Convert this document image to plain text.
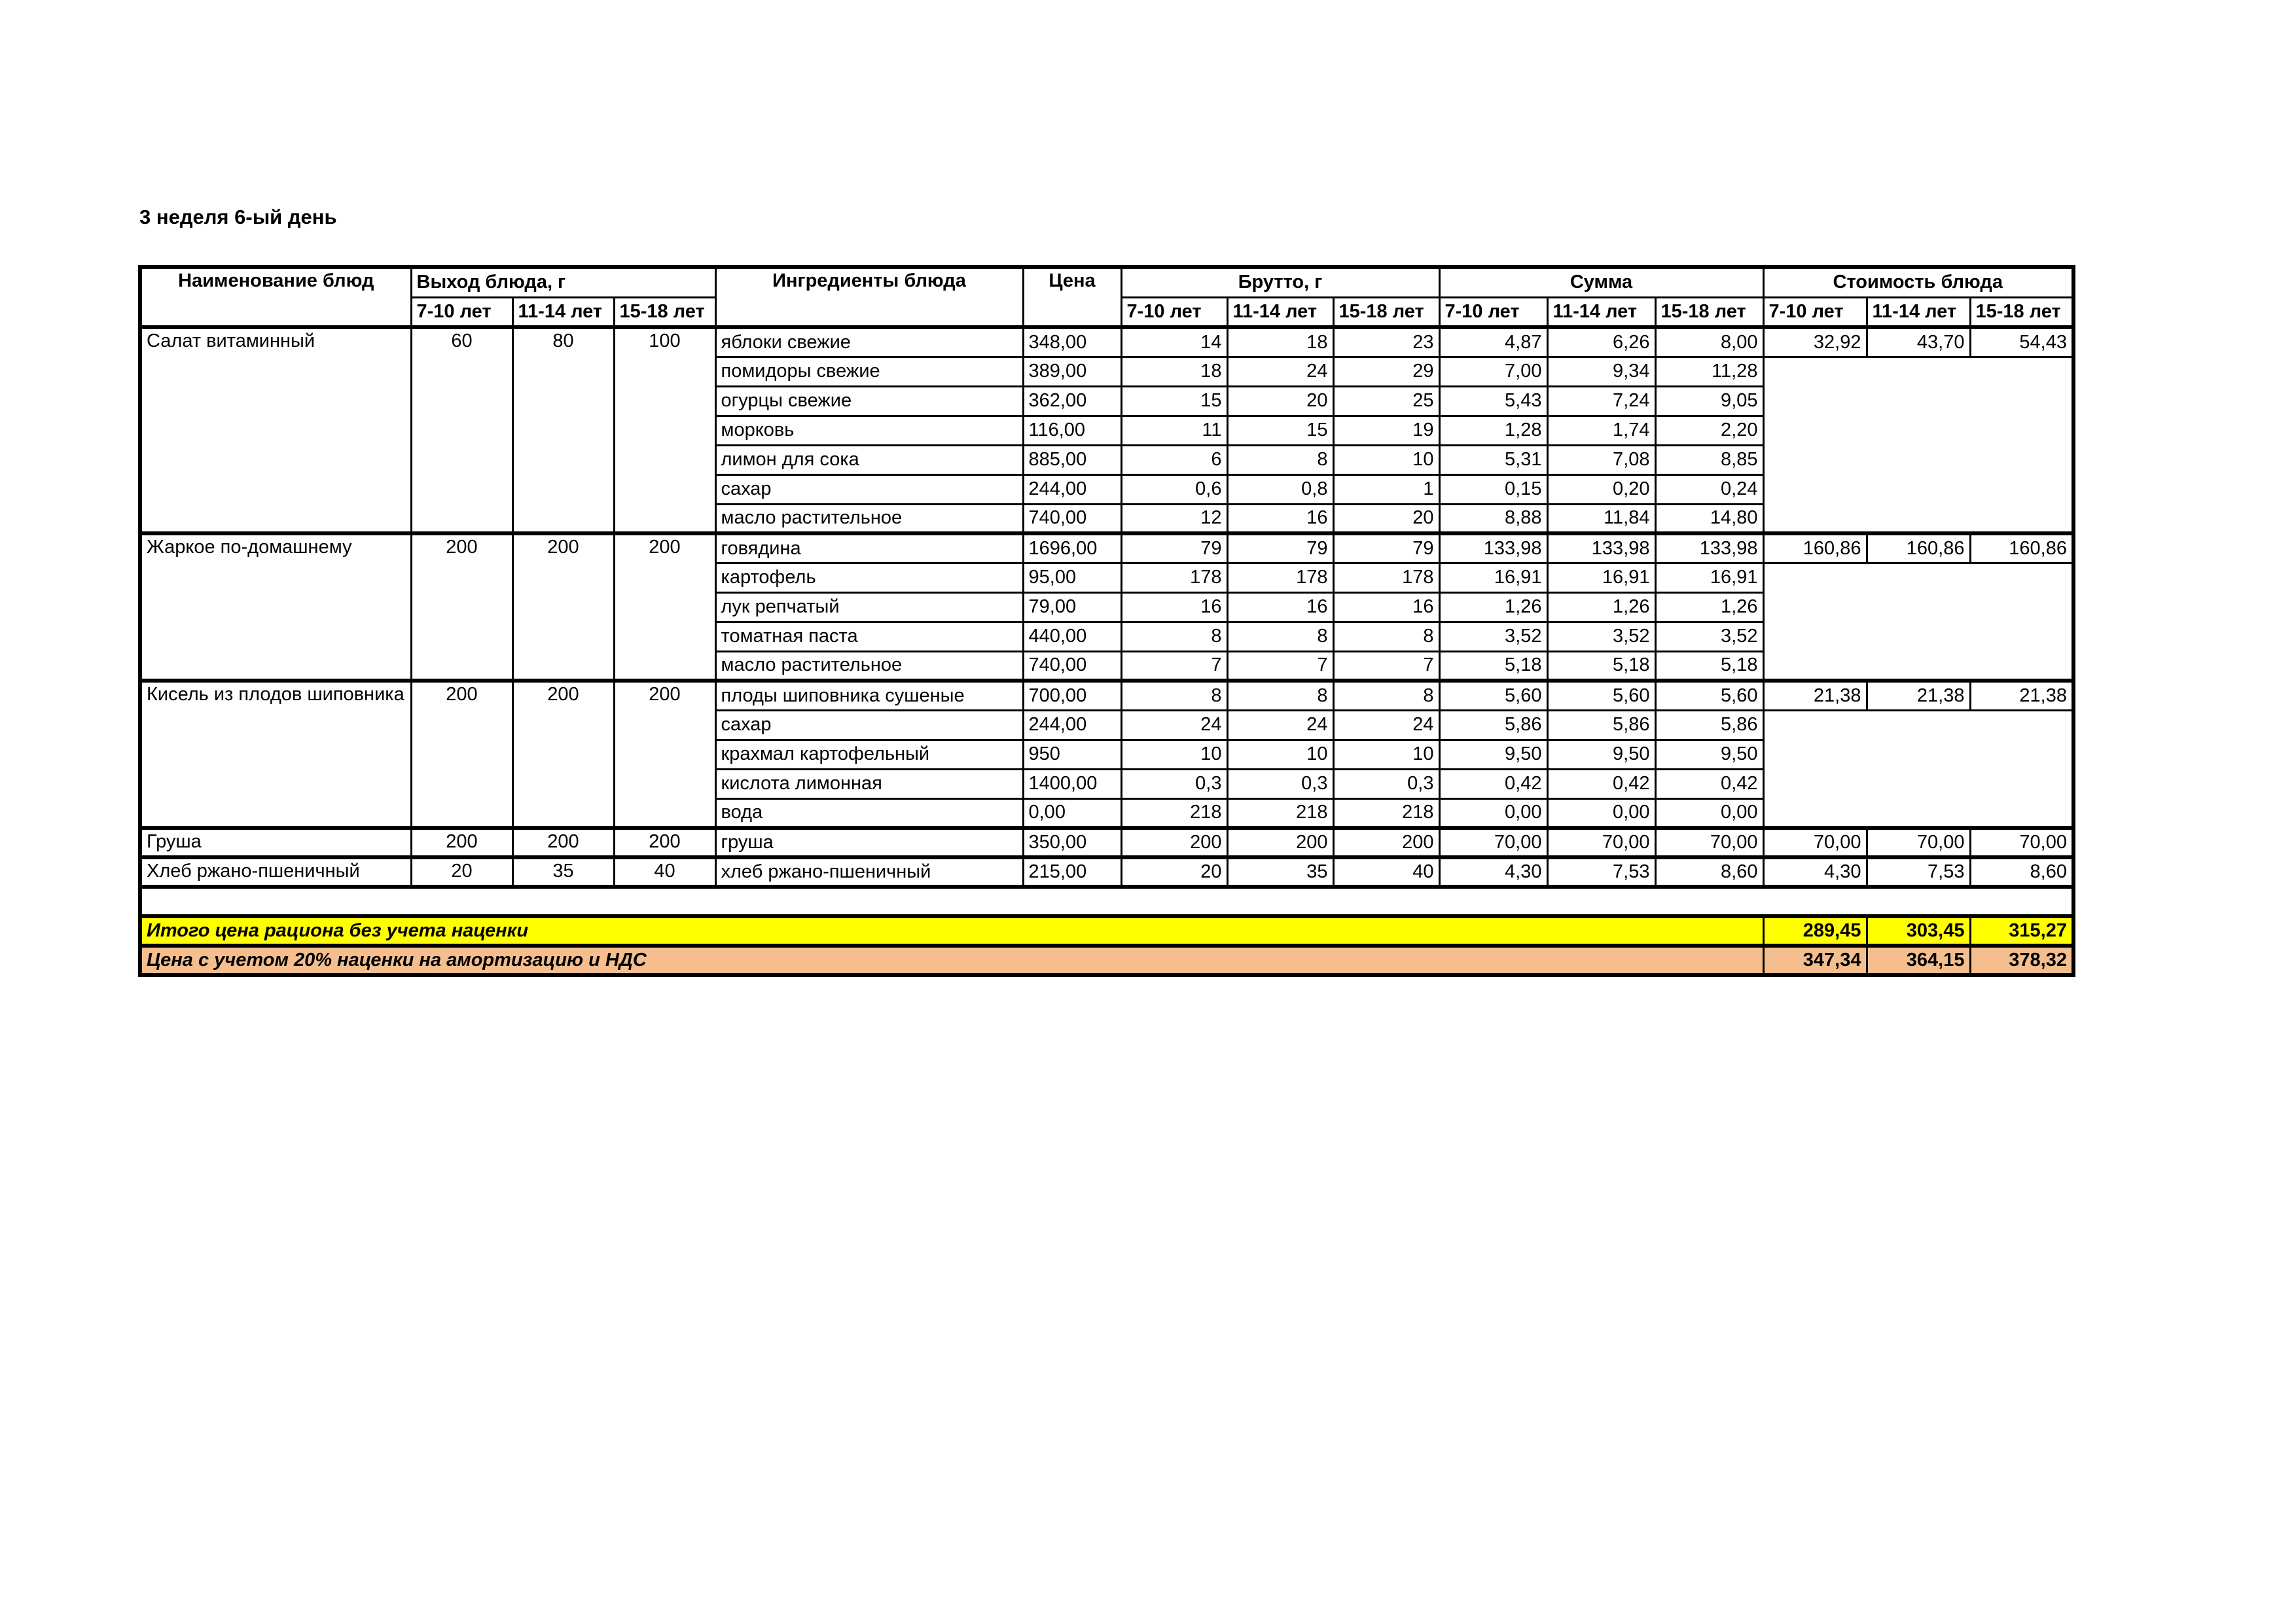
3 неделя 6-ый день
Наименование блюд	Выход блюда, г			Ингредиенты блюда	Цена	Брутто, г			Сумма			Стоимость блюда		
	7-10 лет	11-14 лет	15-18 лет			7-10 лет	11-14 лет	15-18 лет	7-10 лет	11-14 лет	15-18 лет	7-10 лет	11-14 лет	15-18 лет
Салат витаминный	60	80	100	яблоки свежие	348,00	14	18	23	4,87	6,26	8,00	32,92	43,70	54,43
				помидоры свежие	389,00	18	24	29	7,00	9,34	11,28			
				огурцы свежие	362,00	15	20	25	5,43	7,24	9,05			
				морковь	116,00	11	15	19	1,28	1,74	2,20			
				лимон для сока	885,00	6	8	10	5,31	7,08	8,85			
				сахар	244,00	0,6	0,8	1	0,15	0,20	0,24			
				масло растительное	740,00	12	16	20	8,88	11,84	14,80			
Жаркое по-домашнему	200	200	200	говядина	1696,00	79	79	79	133,98	133,98	133,98	160,86	160,86	160,86
				картофель	95,00	178	178	178	16,91	16,91	16,91			
				лук репчатый	79,00	16	16	16	1,26	1,26	1,26			
				томатная паста	440,00	8	8	8	3,52	3,52	3,52			
				масло растительное	740,00	7	7	7	5,18	5,18	5,18			
Кисель из плодов шиповника	200	200	200	плоды шиповника сушеные	700,00	8	8	8	5,60	5,60	5,60	21,38	21,38	21,38
				сахар	244,00	24	24	24	5,86	5,86	5,86			
				крахмал картофельный	950	10	10	10	9,50	9,50	9,50			
				кислота лимонная	1400,00	0,3	0,3	0,3	0,42	0,42	0,42			
				вода	0,00	218	218	218	0,00	0,00	0,00			
Груша	200	200	200	груша	350,00	200	200	200	70,00	70,00	70,00	70,00	70,00	70,00
Хлеб ржано-пшеничный	20	35	40	хлеб ржано-пшеничный	215,00	20	35	40	4,30	7,53	8,60	4,30	7,53	8,60

Итого цена рациона без учета наценки												289,45	303,45	315,27
Цена с учетом 20% наценки на амортизацию и НДС												347,34	364,15	378,32
